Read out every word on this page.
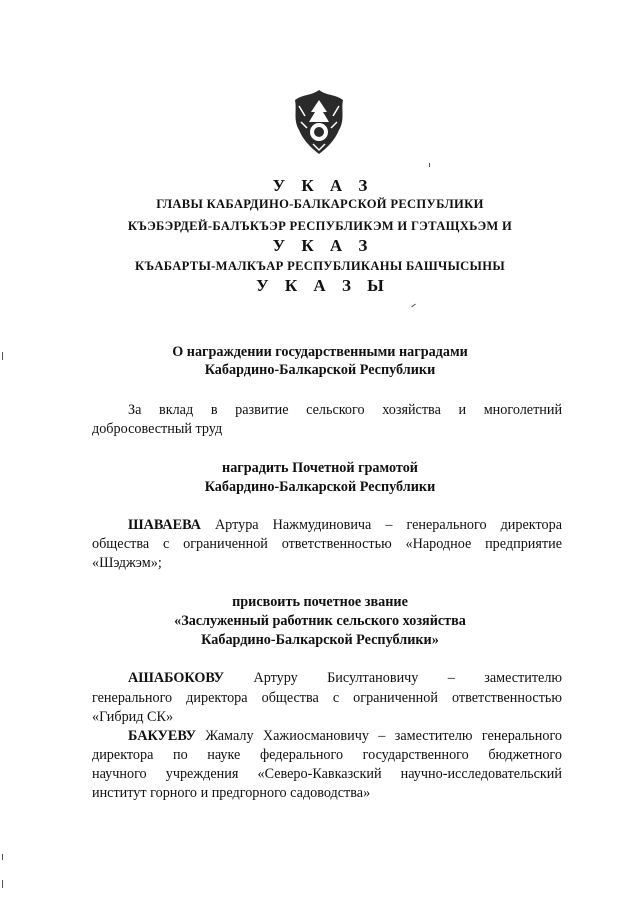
У К А З
ГЛАВЫ КАБАРДИНО-БАЛКАРСКОЙ РЕСПУБЛИКИ
КЪЭБЭРДЕЙ-БАЛЪКЪЭР РЕСПУБЛИКЭМ И ГЭТАЩХЬЭМ И
У К А З
КЪАБАРТЫ-МАЛКЪАР РЕСПУБЛИКАНЫ БАШЧЫСЫНЫ
У К А З Ы
О награждении государственными наградами
Кабардино-Балкарской Республики
За вклад в развитие сельского хозяйства и многолетний
добросовестный труд
наградить Почетной грамотой
Кабардино-Балкарской Республики
ШАВАЕВА Артура Нажмудиновича – генерального директора
общества с ограниченной ответственностью «Народное предприятие
«Шэджэм»;
присвоить почетное звание
«Заслуженный работник сельского хозяйства
Кабардино-Балкарской Республики»
АШАБОКОВУ Артуру Бисултановичу – заместителю
генерального директора общества с ограниченной ответственностью
«Гибрид СК»
БАКУЕВУ Жамалу Хажиосмановичу – заместителю генерального
директора по науке федерального государственного бюджетного
научного учреждения «Северо-Кавказский научно-исследовательский
институт горного и предгорного садоводства»
